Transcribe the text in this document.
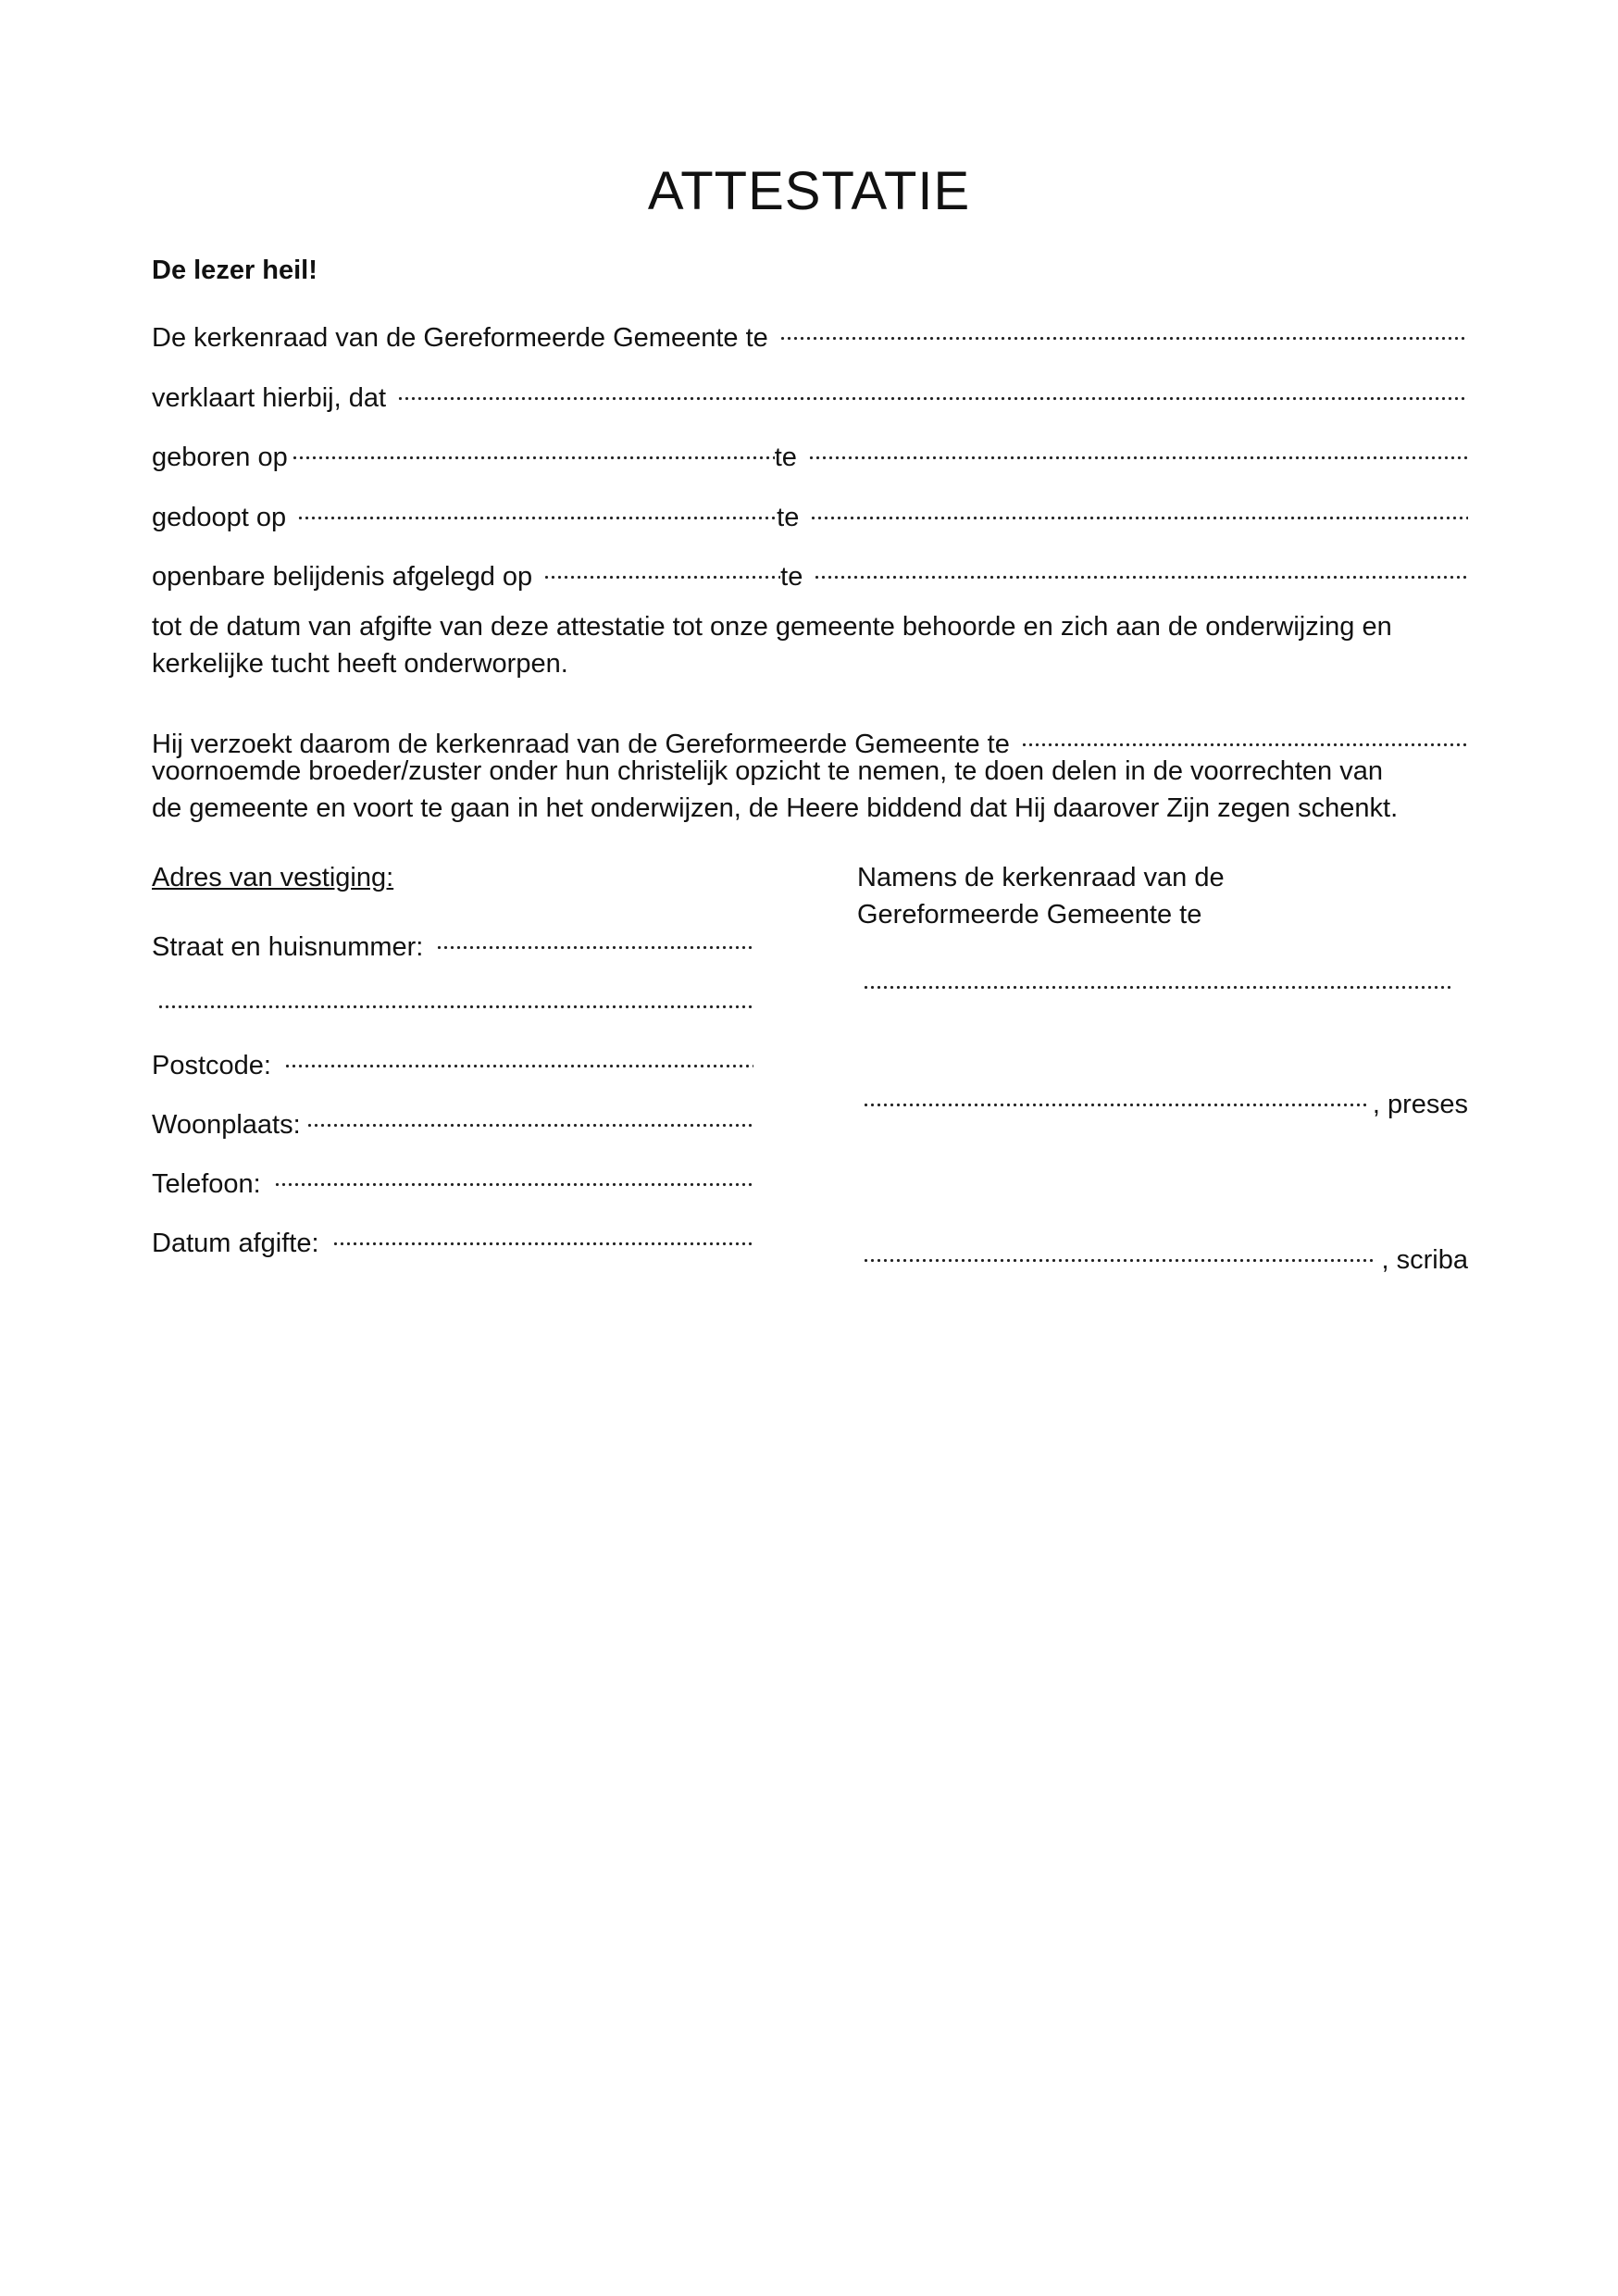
ATTESTATIE
De lezer heil!
De kerkenraad van de Gereformeerde Gemeente te
verklaart hierbij, dat
geboren op	te
gedoopt op	te
openbare belijdenis afgelegd op	te
tot de datum van afgifte van deze attestatie tot onze gemeente behoorde en zich aan de onderwijzing en
kerkelijke tucht heeft onderworpen.
Hij verzoekt daarom de kerkenraad van de Gereformeerde Gemeente te
voornoemde broeder/zuster onder hun christelijk opzicht te nemen, te doen delen in de voorrechten van
de gemeente en voort te gaan in het onderwijzen, de Heere biddend dat Hij daarover Zijn zegen schenkt.
Adres van vestiging:
Straat en huisnummer:
Postcode:
Woonplaats:
Telefoon:
Datum afgifte:
Namens de kerkenraad van de
Gereformeerde Gemeente te
, preses
, scriba
